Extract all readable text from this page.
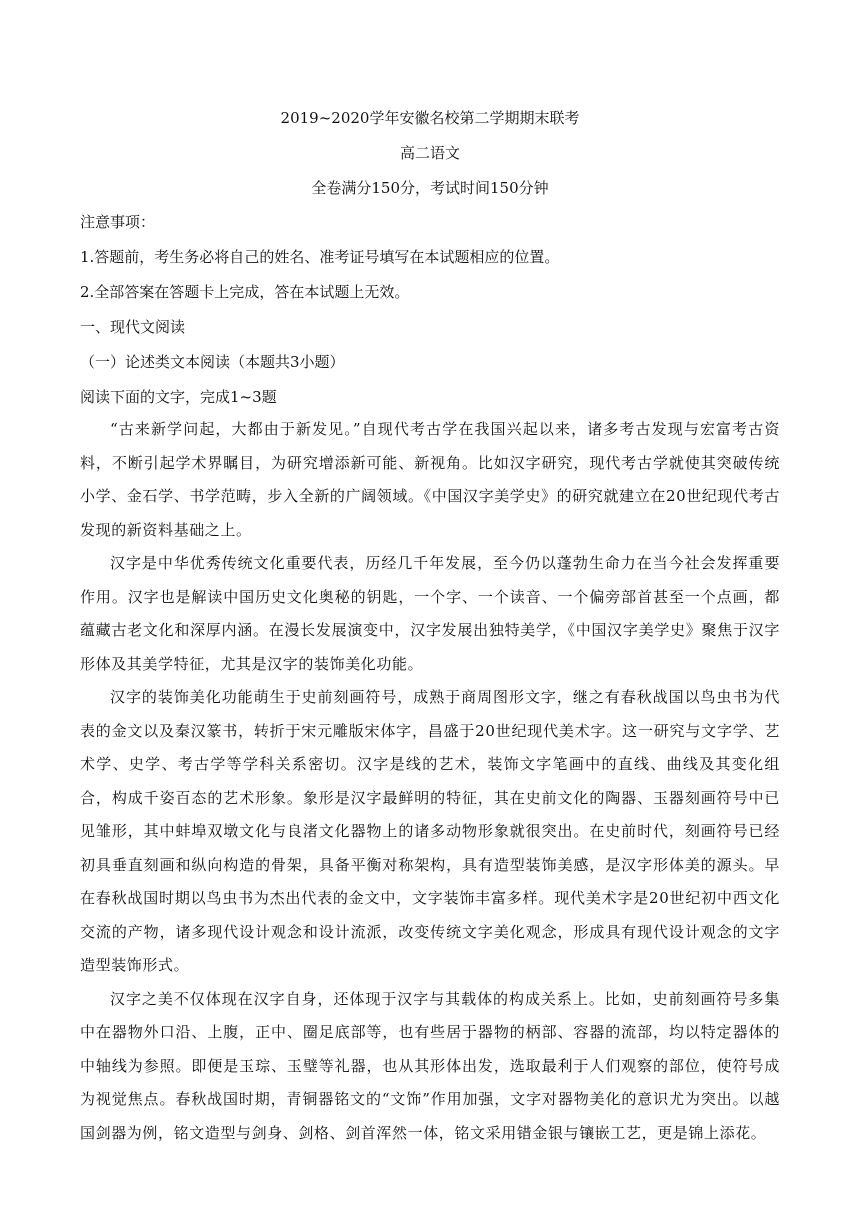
2019~2020学年安徽名校第二学期期末联考
高二语文
全卷满分150分，考试时间150分钟
注意事项：
1.答题前，考生务必将自己的姓名、准考证号填写在本试题相应的位置。
2.全部答案在答题卡上完成，答在本试题上无效。
一、现代文阅读
（一）论述类文本阅读（本题共3小题）
阅读下面的文字，完成1~3题

“古来新学问起，大都由于新发见。”自现代考古学在我国兴起以来，诸多考古发现与宏富考古资料，不断引起学术界瞩目，为研究增添新可能、新视角。比如汉字研究，现代考古学就使其突破传统小学、金石学、书学范畴，步入全新的广阔领域。《中国汉字美学史》的研究就建立在20世纪现代考古发现的新资料基础之上。

汉字是中华优秀传统文化重要代表，历经几千年发展，至今仍以蓬勃生命力在当今社会发挥重要作用。汉字也是解读中国历史文化奥秘的钥匙，一个字、一个读音、一个偏旁部首甚至一个点画，都蕴藏古老文化和深厚内涵。在漫长发展演变中，汉字发展出独特美学，《中国汉字美学史》聚焦于汉字形体及其美学特征，尤其是汉字的装饰美化功能。

汉字的装饰美化功能萌生于史前刻画符号，成熟于商周图形文字，继之有春秋战国以鸟虫书为代表的金文以及秦汉篆书，转折于宋元雕版宋体字，昌盛于20世纪现代美术字。这一研究与文字学、艺术学、史学、考古学等学科关系密切。汉字是线的艺术，装饰文字笔画中的直线、曲线及其变化组合，构成千姿百态的艺术形象。象形是汉字最鲜明的特征，其在史前文化的陶器、玉器刻画符号中已见雏形，其中蚌埠双墩文化与良渚文化器物上的诸多动物形象就很突出。在史前时代，刻画符号已经初具垂直刻画和纵向构造的骨架，具备平衡对称架构，具有造型装饰美感，是汉字形体美的源头。早在春秋战国时期以鸟虫书为杰出代表的金文中，文字装饰丰富多样。现代美术字是20世纪初中西文化交流的产物，诸多现代设计观念和设计流派，改变传统文字美化观念，形成具有现代设计观念的文字造型装饰形式。

汉字之美不仅体现在汉字自身，还体现于汉字与其载体的构成关系上。比如，史前刻画符号多集中在器物外口沿、上腹，正中、圈足底部等，也有些居于器物的柄部、容器的流部，均以特定器体的中轴线为参照。即便是玉琮、玉璧等礼器，也从其形体出发，选取最利于人们观察的部位，使符号成为视觉焦点。春秋战国时期，青铜器铭文的“文饰”作用加强，文字对器物美化的意识尤为突出。以越国剑器为例，铭文造型与剑身、剑格、剑首浑然一体，铭文采用错金银与镶嵌工艺，更是锦上添花。
